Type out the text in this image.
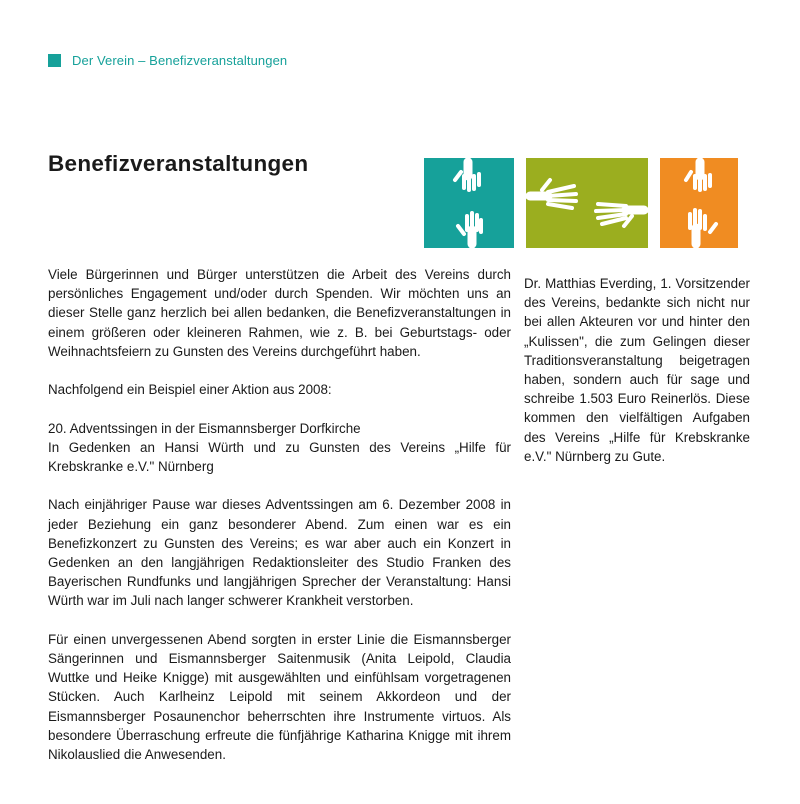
Der Verein – Benefizveranstaltungen
Benefizveranstaltungen

Viele Bürgerinnen und Bürger unterstützen die Arbeit des Vereins durch persönliches Engagement und/oder durch Spenden. Wir möchten uns an dieser Stelle ganz herzlich bei allen bedanken, die Benefizveranstaltungen in einem größeren oder kleineren Rahmen, wie z. B. bei Geburtstags- oder Weihnachtsfeiern zu Gunsten des Vereins durchgeführt haben.

Nachfolgend ein Beispiel einer Aktion aus 2008:

20. Adventssingen in der Eismannsberger Dorfkirche
In Gedenken an Hansi Würth und zu Gunsten des Vereins „Hilfe für Krebskranke e.V." Nürnberg

Nach einjähriger Pause war dieses Adventssingen am 6. Dezember 2008 in jeder Beziehung ein ganz besonderer Abend. Zum einen war es ein Benefizkonzert zu Gunsten des Vereins; es war aber auch ein Konzert in Gedenken an den langjährigen Redaktionsleiter des Studio Franken des Bayerischen Rundfunks und langjährigen Sprecher der Veranstaltung: Hansi Würth war im Juli nach langer schwerer Krankheit verstorben.

Für einen unvergessenen Abend sorgten in erster Linie die Eismannsberger Sängerinnen und Eismannsberger Saitenmusik (Anita Leipold, Claudia Wuttke und Heike Knigge) mit ausgewählten und einfühlsam vorgetragenen Stücken. Auch Karlheinz Leipold mit seinem Akkordeon und der Eismannsberger Posaunenchor beherrschten ihre Instrumente virtuos. Als besondere Überraschung erfreute die fünfjährige Katharina Knigge mit ihrem Nikolauslied die Anwesenden.

Dr. Matthias Everding, 1. Vorsitzender des Vereins, bedankte sich nicht nur bei allen Akteuren vor und hinter den „Kulissen", die zum Gelingen dieser Traditionsveranstaltung beigetragen haben, sondern auch für sage und schreibe 1.503 Euro Reinerlös. Diese kommen den vielfältigen Aufgaben des Vereins „Hilfe für Krebskranke e.V." Nürnberg zu Gute.
